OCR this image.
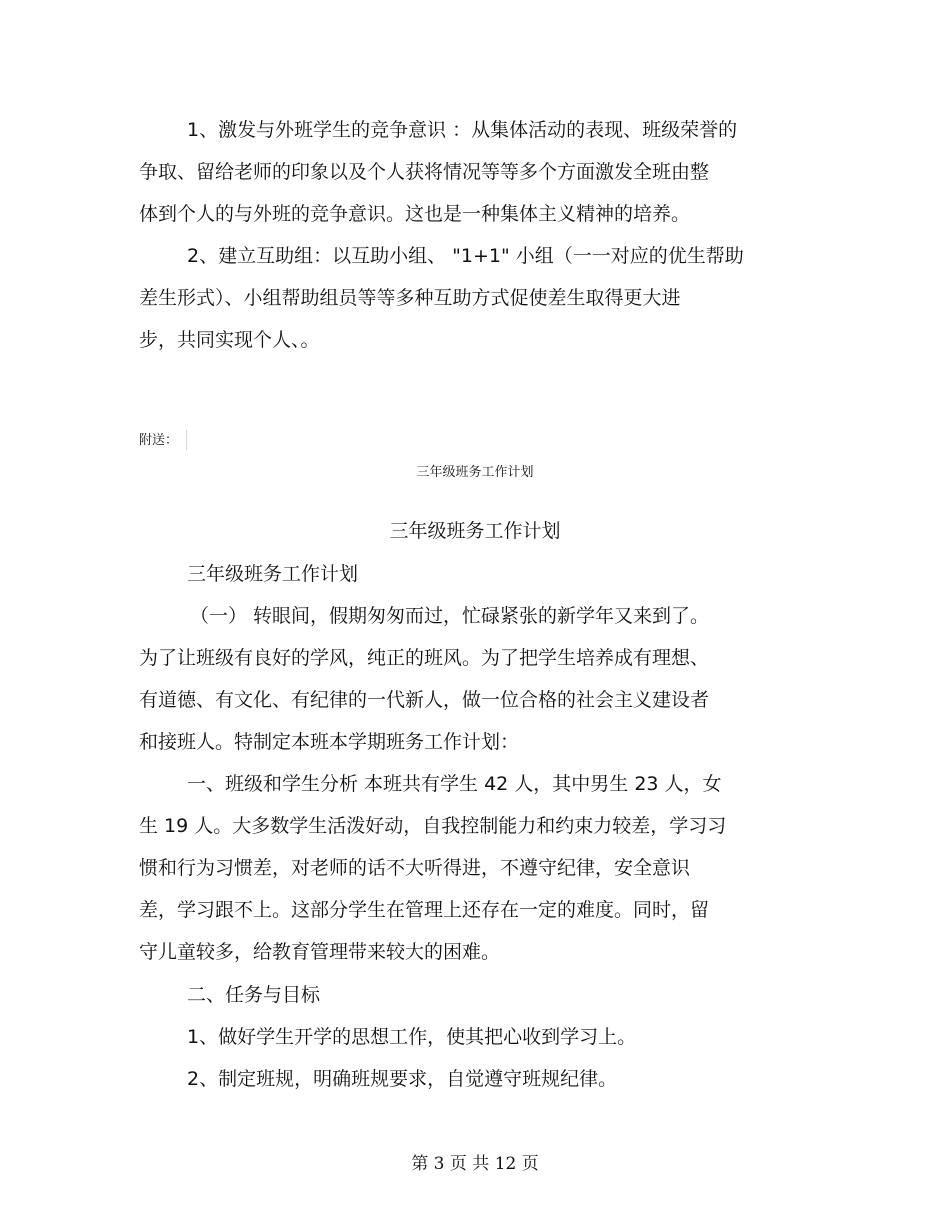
1、激发与外班学生的竞争意识 ：从集体活动的表现、班级荣誉的
争取、留给老师的印象以及个人获将情况等等多个方面激发全班由整
体到个人的与外班的竞争意识。这也是一种集体主义精神的培养。
2、建立互助组：以互助小组、 "1+1" 小组（一一对应的优生帮助
差生形式）、小组帮助组员等等多种互助方式促使差生取得更大进
步，共同实现个人、。
附送：
三年级班务工作计划
三年级班务工作计划
三年级班务工作计划
（一） 转眼间，假期匆匆而过，忙碌紧张的新学年又来到了。
为了让班级有良好的学风，纯正的班风。为了把学生培养成有理想、
有道德、有文化、有纪律的一代新人，做一位合格的社会主义建设者
和接班人。特制定本班本学期班务工作计划：
一、班级和学生分析 本班共有学生 42 人，其中男生 23 人，女
生 19 人。大多数学生活泼好动，自我控制能力和约束力较差，学习习
惯和行为习惯差，对老师的话不大听得进，不遵守纪律，安全意识
差，学习跟不上。这部分学生在管理上还存在一定的难度。同时，留
守儿童较多，给教育管理带来较大的困难。
二、任务与目标
1、做好学生开学的思想工作，使其把心收到学习上。
2、制定班规，明确班规要求，自觉遵守班规纪律。
第 3 页 共 12 页
